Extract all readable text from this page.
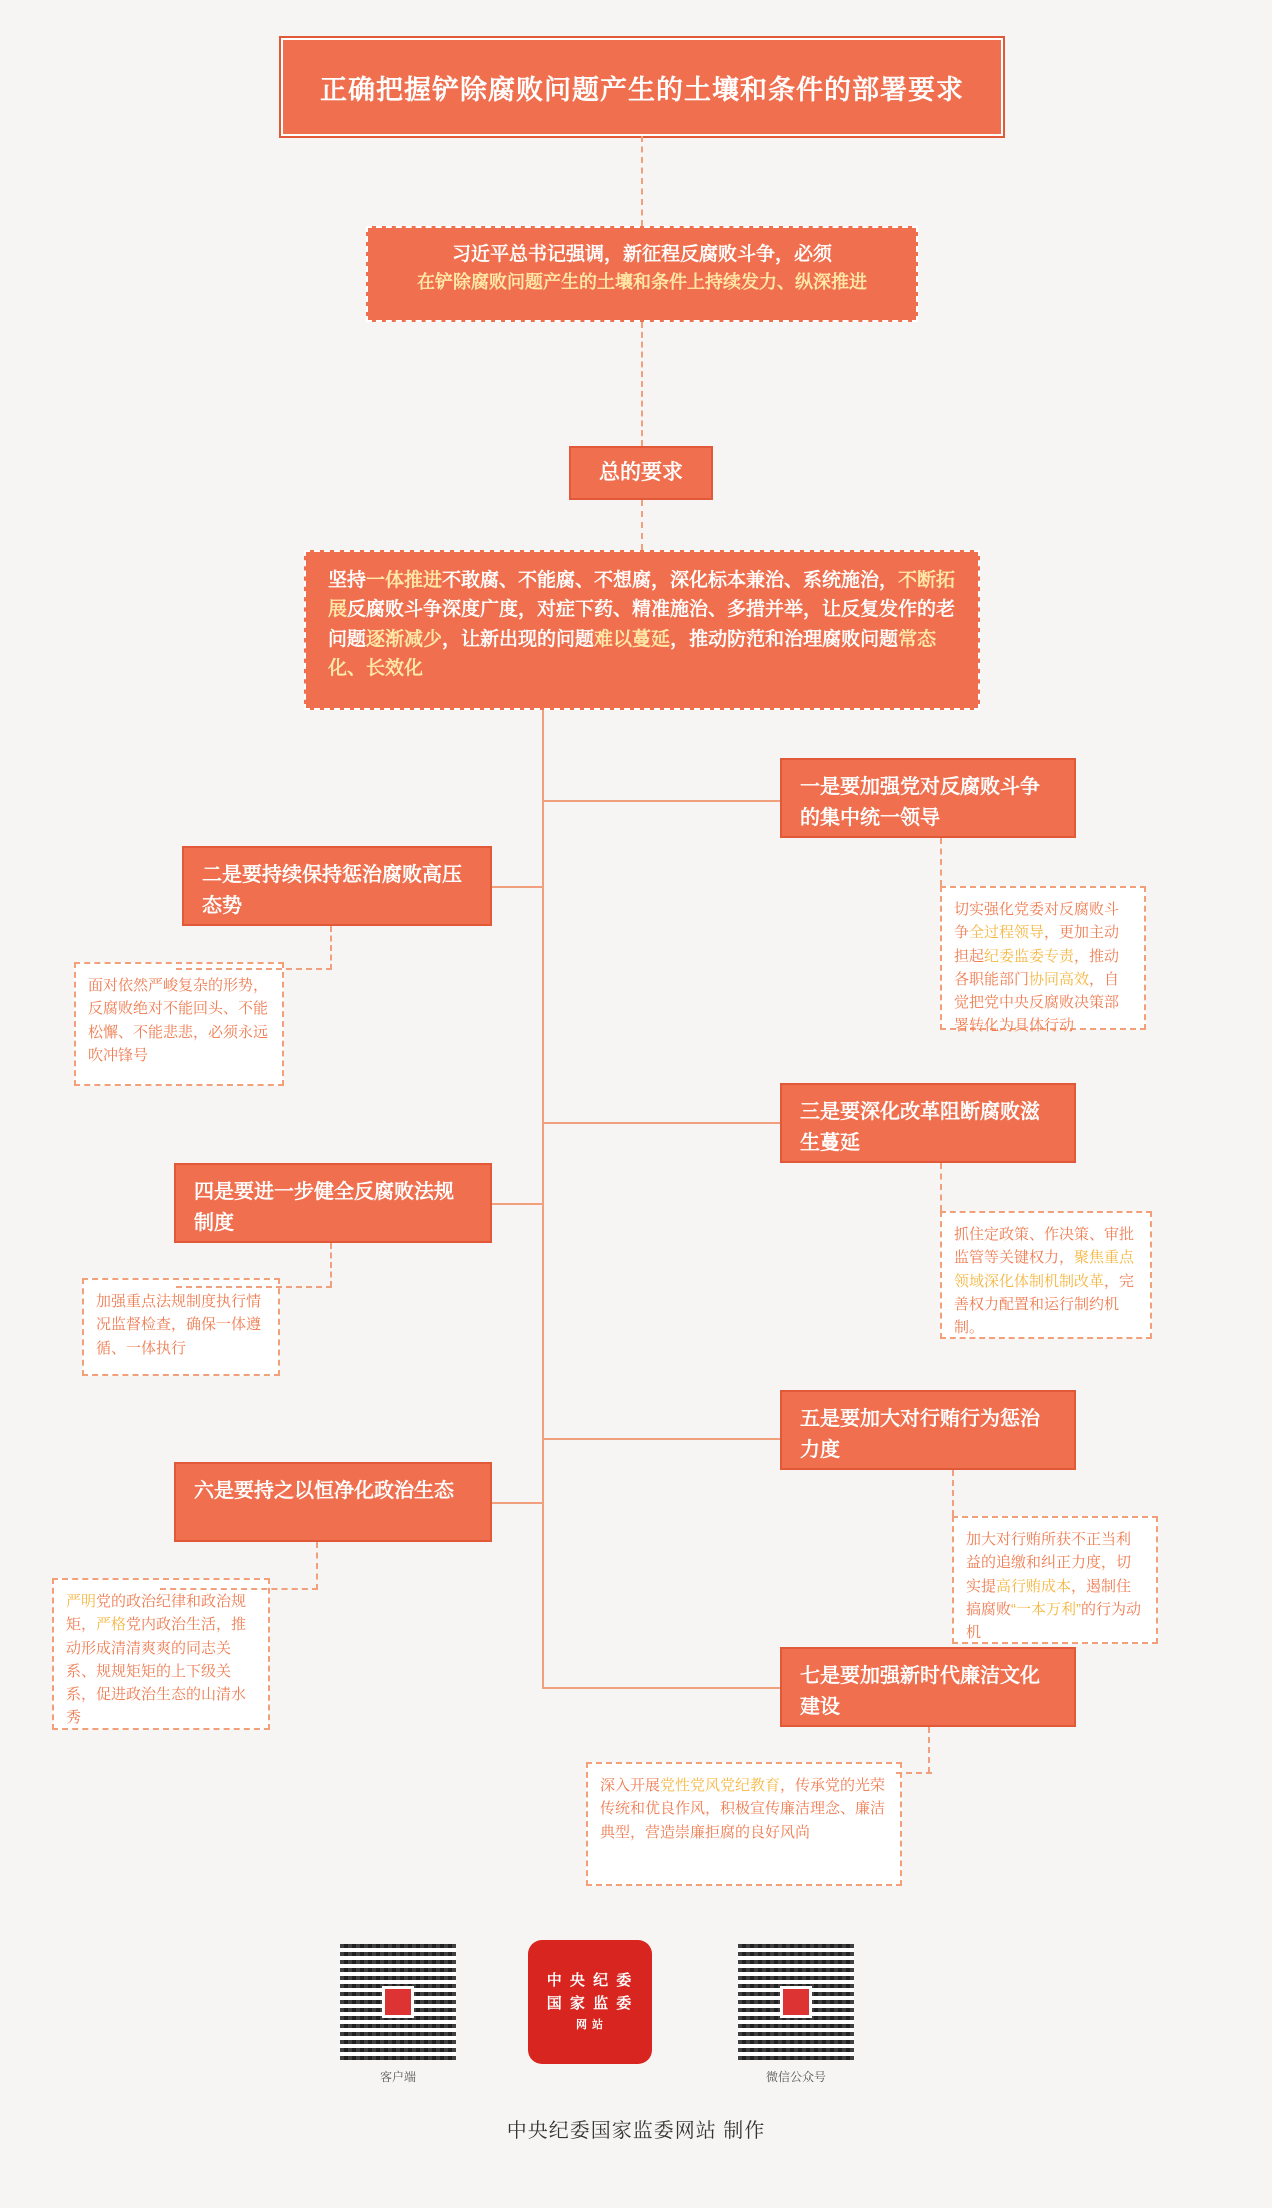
正确把握铲除腐败问题产生的土壤和条件的部署要求
习近平总书记强调，新征程反腐败斗争，必须
在铲除腐败问题产生的土壤和条件上持续发力、纵深推进
总的要求
坚持一体推进不敢腐、不能腐、不想腐，深化标本兼治、系统施治，不断拓展反腐败斗争深度广度，对症下药、精准施治、多措并举，让反复发作的老问题逐渐减少，让新出现的问题难以蔓延，推动防范和治理腐败问题常态化、长效化
一是要加强党对反腐败斗争的集中统一领导
切实强化党委对反腐败斗争全过程领导，更加主动担起纪委监委专责，推动各职能部门协同高效，自觉把党中央反腐败决策部署转化为具体行动
二是要持续保持惩治腐败高压态势
面对依然严峻复杂的形势，反腐败绝对不能回头、不能松懈、不能悲悲，必须永远吹冲锋号
三是要深化改革阻断腐败滋生蔓延
抓住定政策、作决策、审批监管等关键权力，聚焦重点领域深化体制机制改革，完善权力配置和运行制约机制。
四是要进一步健全反腐败法规制度
加强重点法规制度执行情况监督检查，确保一体遵循、一体执行
五是要加大对行贿行为惩治力度
加大对行贿所获不正当利益的追缴和纠正力度，切实提高行贿成本，遏制住搞腐败“一本万利”的行为动机
六是要持之以恒净化政治生态
严明党的政治纪律和政治规矩，严格党内政治生活，推动形成清清爽爽的同志关系、规规矩矩的上下级关系，促进政治生态的山清水秀
七是要加强新时代廉洁文化建设
深入开展党性党风党纪教育，传承党的光荣传统和优良作风，积极宣传廉洁理念、廉洁典型，营造崇廉拒腐的良好风尚
客户端
中 央 纪 委
国 家 监 委
网 站
微信公众号
中央纪委国家监委网站 制作
